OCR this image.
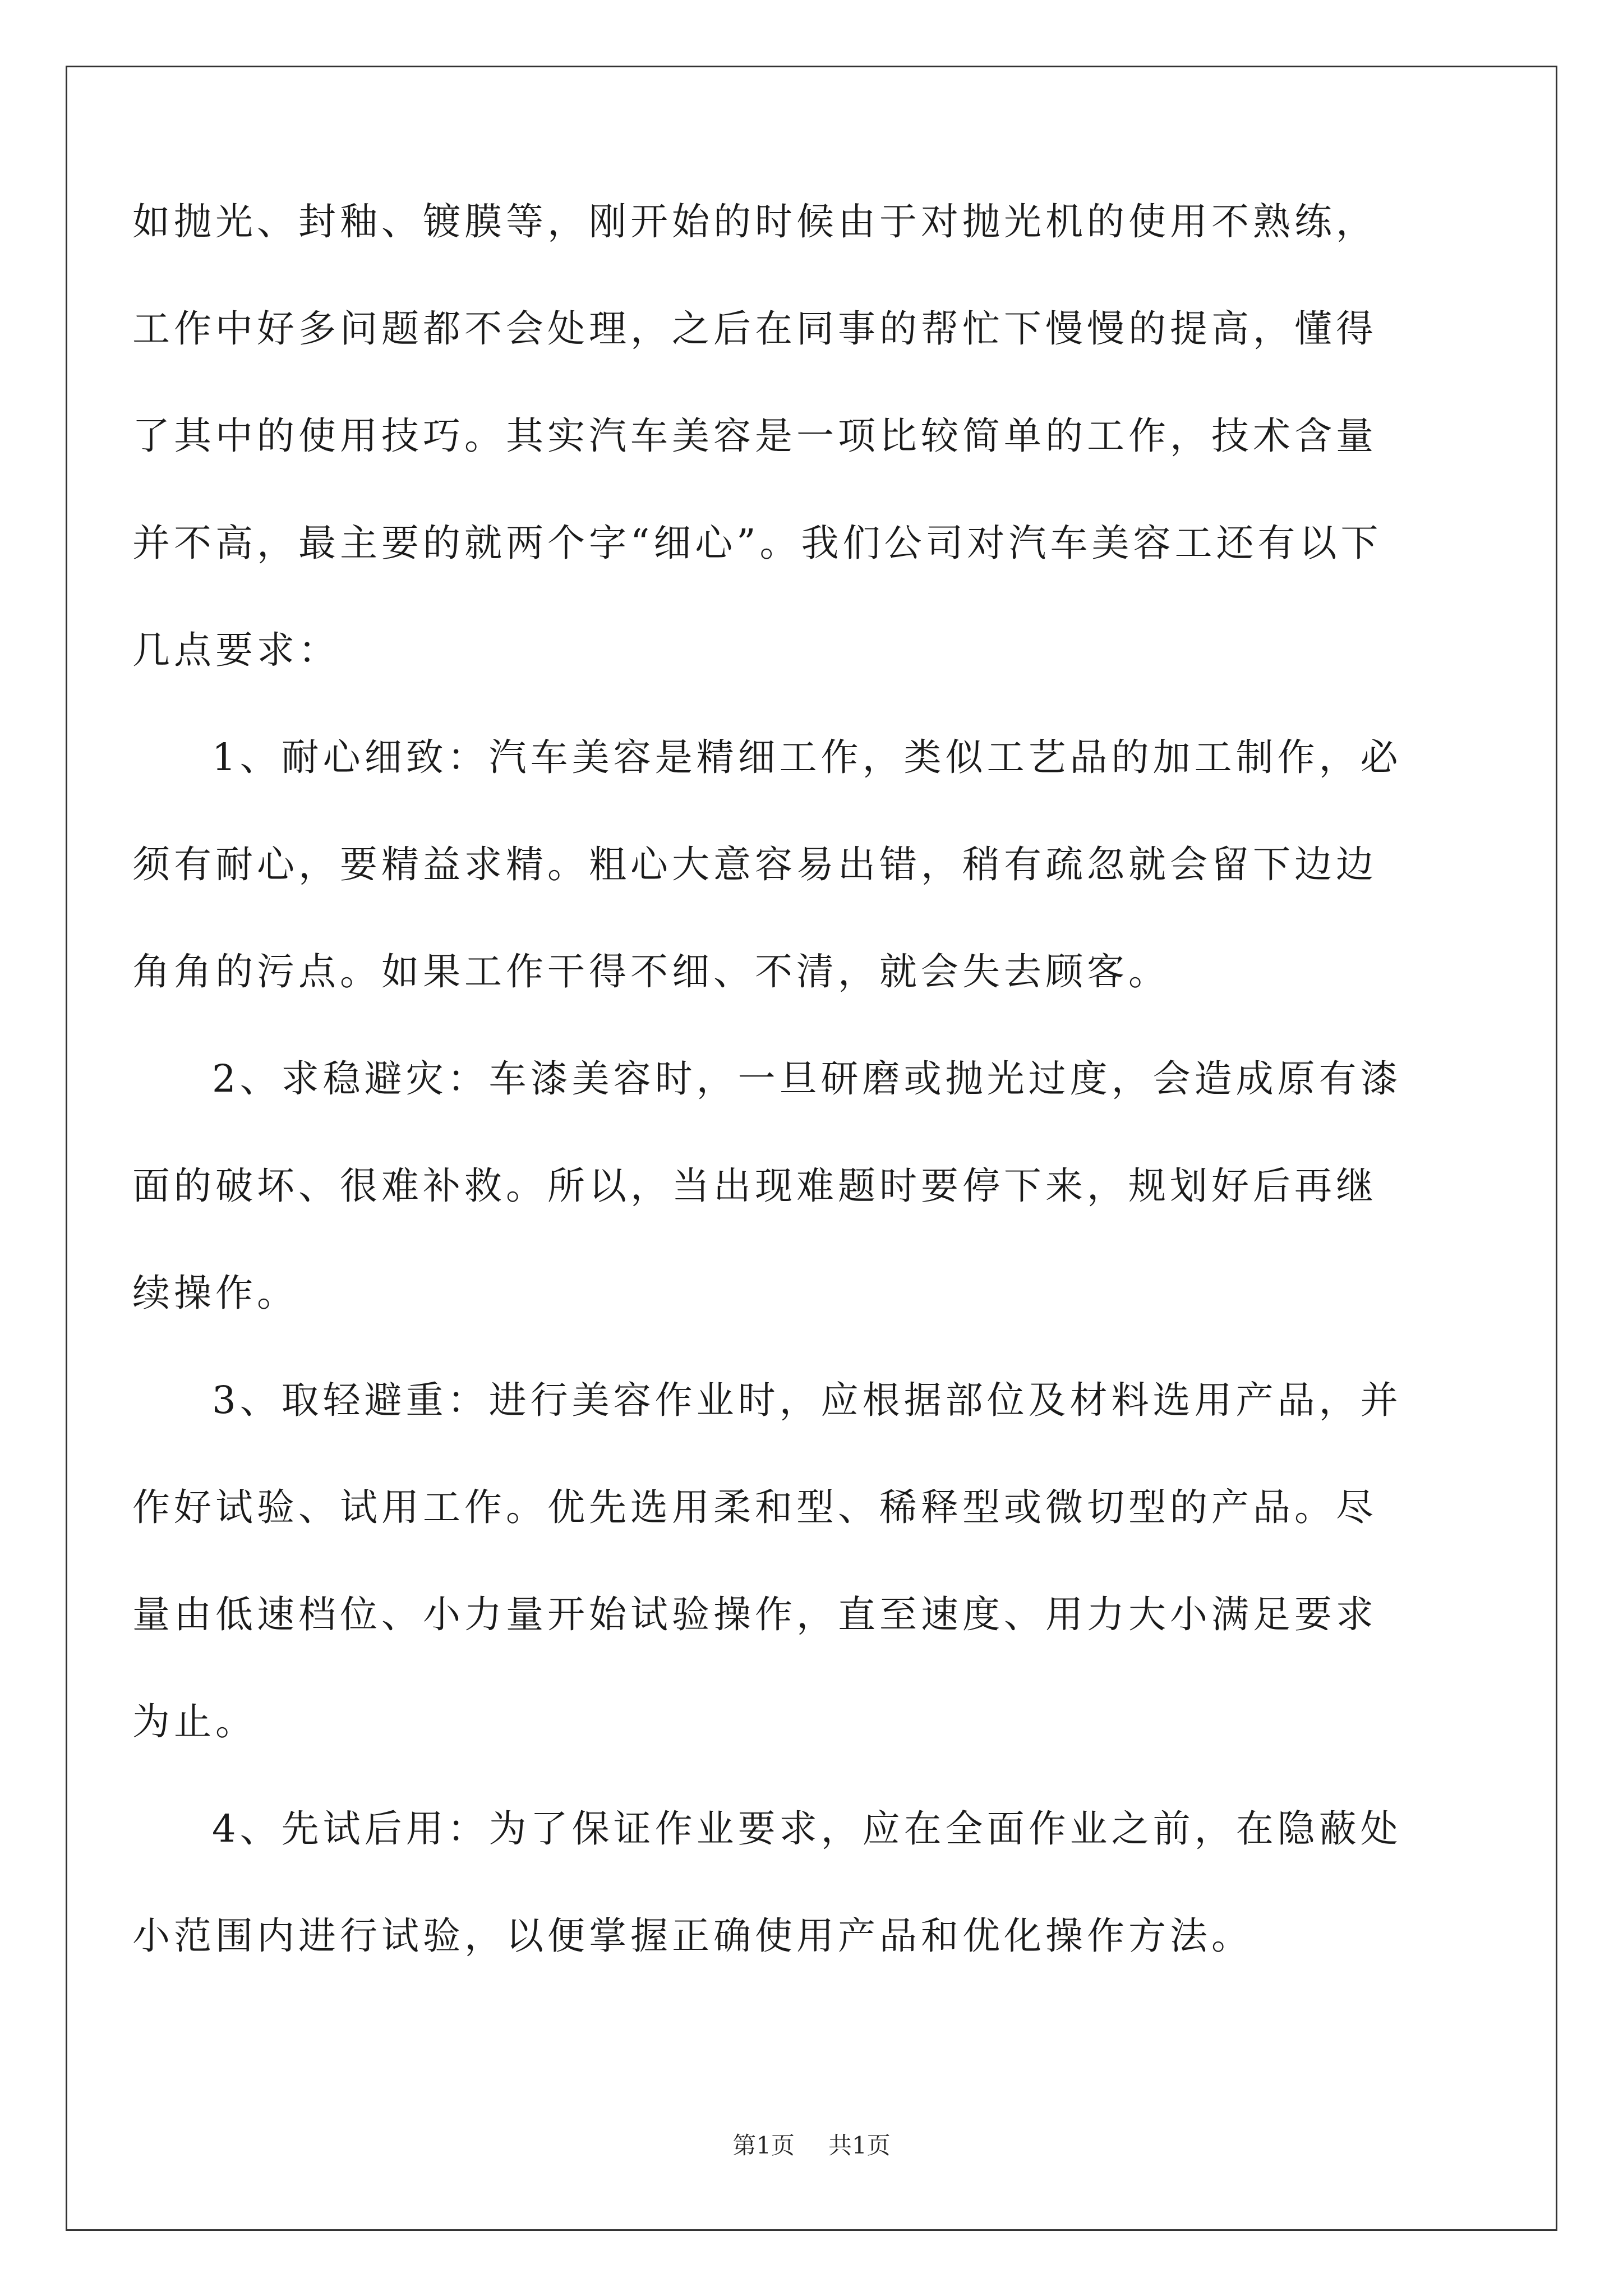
如抛光、封釉、镀膜等，刚开始的时候由于对抛光机的使用不熟练，

工作中好多问题都不会处理，之后在同事的帮忙下慢慢的提高，懂得

了其中的使用技巧。其实汽车美容是一项比较简单的工作，技术含量

并不高，最主要的就两个字“细心”。我们公司对汽车美容工还有以下

几点要求：

1、耐心细致：汽车美容是精细工作，类似工艺品的加工制作，必

须有耐心，要精益求精。粗心大意容易出错，稍有疏忽就会留下边边

角角的污点。如果工作干得不细、不清，就会失去顾客。

2、求稳避灾：车漆美容时，一旦研磨或抛光过度，会造成原有漆

面的破坏、很难补救。所以，当出现难题时要停下来，规划好后再继

续操作。

3、取轻避重：进行美容作业时，应根据部位及材料选用产品，并

作好试验、试用工作。优先选用柔和型、稀释型或微切型的产品。尽

量由低速档位、小力量开始试验操作，直至速度、用力大小满足要求

为止。

4、先试后用：为了保证作业要求，应在全面作业之前，在隐蔽处

小范围内进行试验，以便掌握正确使用产品和优化操作方法。

第1页 共1页
